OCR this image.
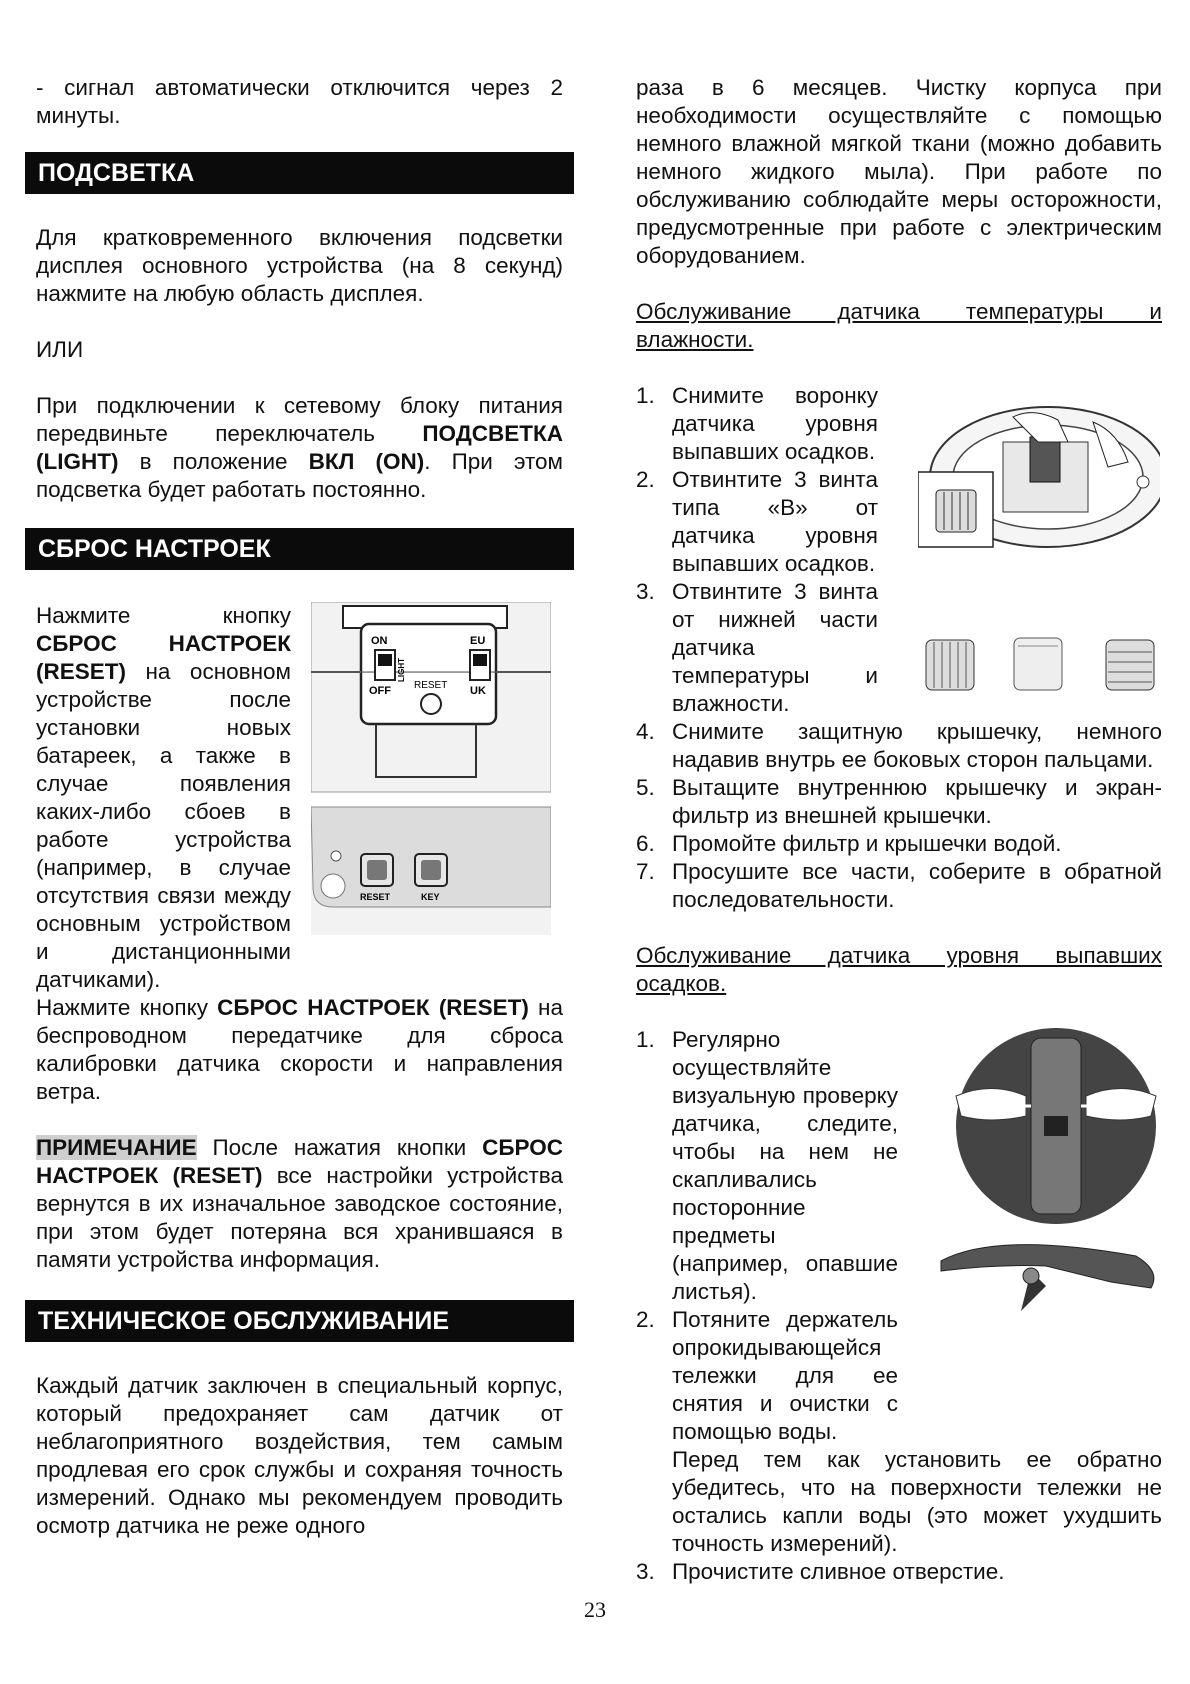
- сигнал автоматически отключится через 2 минуты.

ПОДСВЕТКА

Для кратковременного включения подсветки дисплея основного устройства (на 8 секунд) нажмите на любую область дисплея.

ИЛИ

При подключении к сетевому блоку питания передвиньте переключатель ПОДСВЕТКА (LIGHT) в положение ВКЛ (ON). При этом подсветка будет работать постоянно.

СБРОС НАСТРОЕК
ON
OFF
LIGHT
EU
UK
RESET
RESET	KEY

Нажмите кнопку СБРОС НАСТРОЕК (RESET) на основном устройстве после установки новых батареек, а также в случае появления каких-либо сбоев в работе устройства (например, в случае отсутствия связи между основным устройством и дистанционными датчиками).

Нажмите кнопку СБРОС НАСТРОЕК (RESET) на беспроводном передатчике для сброса калибровки датчика скорости и направления ветра.

ПРИМЕЧАНИЕ После нажатия кнопки СБРОС НАСТРОЕК (RESET) все настройки устройства вернутся в их изначальное заводское состояние, при этом будет потеряна вся хранившаяся в памяти устройства информация.

ТЕХНИЧЕСКОЕ ОБСЛУЖИВАНИЕ

Каждый датчик заключен в специальный корпус, который предохраняет сам датчик от неблагоприятного воздействия, тем самым продлевая его срок службы и сохраняя точность измерений. Однако мы рекомендуем проводить осмотр датчика не реже одного

раза в 6 месяцев. Чистку корпуса при необходимости осуществляйте с помощью немного влажной мягкой ткани (можно добавить немного жидкого мыла). При работе по обслуживанию соблюдайте меры осторожности, предусмотренные при работе с электрическим оборудованием.

Обслуживание датчика температуры и влажности.

1. Снимите воронку датчика уровня выпавших осадков.
2. Отвинтите 3 винта типа «В» от датчика уровня выпавших осадков.
3. Отвинтите 3 винта от нижней части датчика температуры и влажности.
4. Снимите защитную крышечку, немного надавив внутрь ее боковых сторон пальцами.
5. Вытащите внутреннюю крышечку и экран-фильтр из внешней крышечки.
6. Промойте фильтр и крышечки водой.
7. Просушите все части, соберите в обратной последовательности.

Обслуживание датчика уровня выпавших осадков.

1. Регулярно осуществляйте визуальную проверку датчика, следите, чтобы на нем не скапливались посторонние предметы (например, опавшие листья).
2. Потяните держатель опрокидывающейся тележки для ее снятия и очистки с помощью воды.
Перед тем как установить ее обратно убедитесь, что на поверхности тележки не остались капли воды (это может ухудшить точность измерений).
3. Прочистите сливное отверстие.
23
